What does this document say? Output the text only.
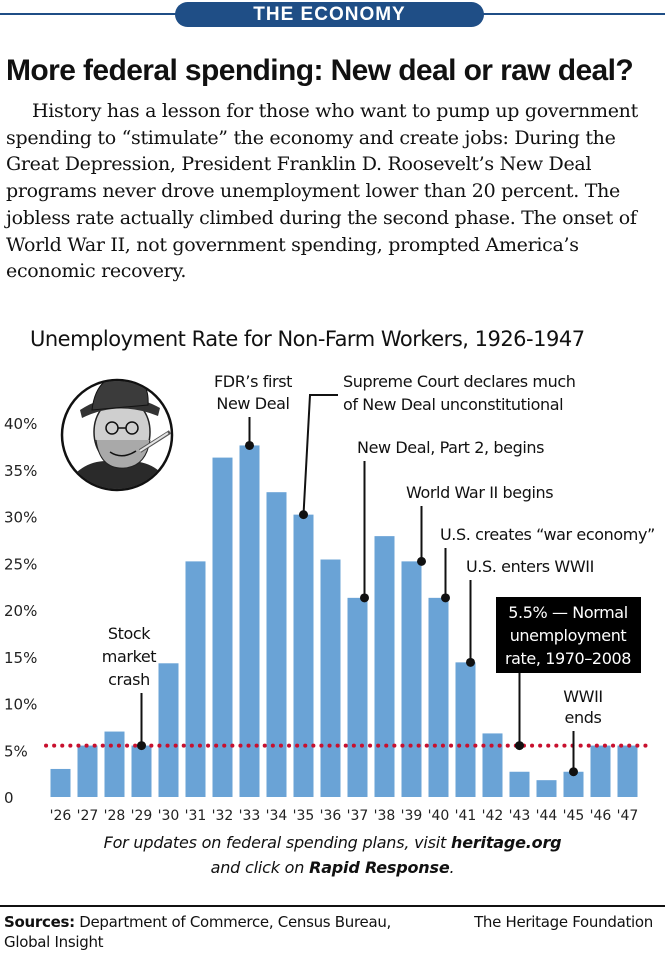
THE ECONOMY
More federal spending: New deal or raw deal?
History has a lesson for those who want to pump up government spending to “stimulate” the economy and create jobs: During the Great Depression, President Franklin D. Roosevelt’s New Deal programs never drove unemployment lower than 20 percent. The jobless rate actually climbed during the second phase. The onset of World War II, not government spending, prompted America’s economic recovery.
Unemployment Rate for Non-Farm Workers, 1926-1947
0
5%
10%
15%
20%
25%
30%
35%
40%
'26 '27 '28 '29 '30 '31 '32 '33 '34 '35 '36 '37 '38 '39 '40 '41 '42 '43 '44 '45 '46 '47
Stock
market
crash
FDR’s first
New Deal
Supreme Court declares much
of New Deal unconstitutional
New Deal, Part 2, begins
World War II begins
U.S. creates “war economy”
U.S. enters WWII
5.5% — Normal
unemployment
rate, 1970–2008
WWII
ends
For updates on federal spending plans, visit heritage.org
and click on Rapid Response.
Sources: Department of Commerce, Census Bureau, Global Insight
The Heritage Foundation
